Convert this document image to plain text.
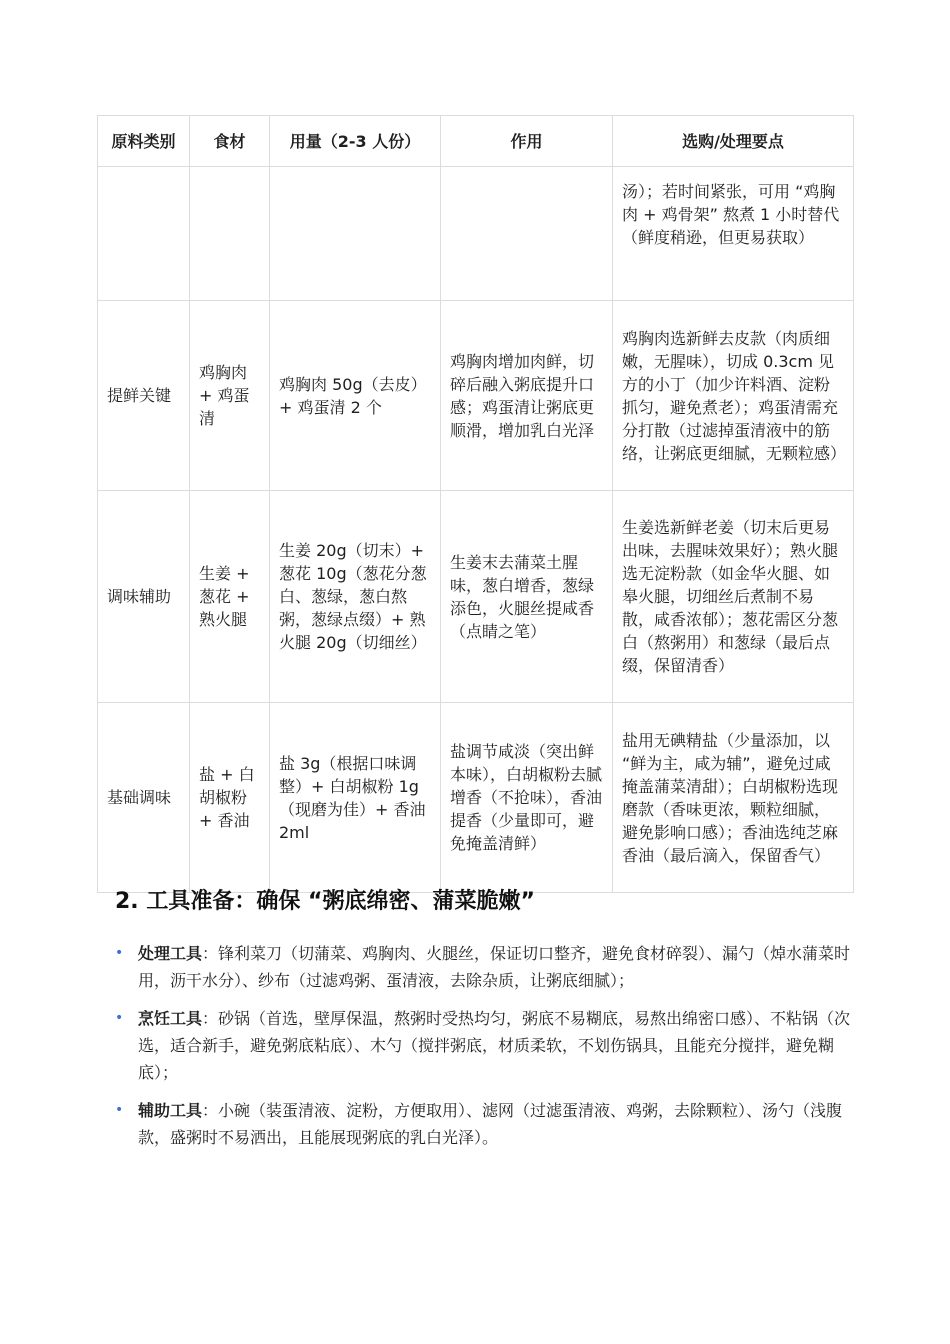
原料类别	食材	用量（2-3 人份）	作用	选购/处理要点
				汤）；若时间紧张，可用 “鸡胸肉 + 鸡骨架” 熬煮 1 小时替代（鲜度稍逊，但更易获取）
提鲜关键	鸡胸肉 + 鸡蛋清	鸡胸肉 50g（去皮）+ 鸡蛋清 2 个	鸡胸肉增加肉鲜，切碎后融入粥底提升口感；鸡蛋清让粥底更顺滑，增加乳白光泽	鸡胸肉选新鲜去皮款（肉质细嫩，无腥味），切成 0.3cm 见方的小丁（加少许料酒、淀粉抓匀，避免煮老）；鸡蛋清需充分打散（过滤掉蛋清液中的筋络，让粥底更细腻，无颗粒感）
调味辅助	生姜 + 葱花 + 熟火腿	生姜 20g（切末）+ 葱花 10g（葱花分葱白、葱绿，葱白熬粥，葱绿点缀）+ 熟火腿 20g（切细丝）	生姜末去蒲菜土腥味，葱白增香，葱绿添色，火腿丝提咸香（点睛之笔）	生姜选新鲜老姜（切末后更易出味，去腥味效果好）；熟火腿选无淀粉款（如金华火腿、如皋火腿，切细丝后煮制不易散，咸香浓郁）；葱花需区分葱白（熬粥用）和葱绿（最后点缀，保留清香）
基础调味	盐 + 白胡椒粉 + 香油	盐 3g（根据口味调整）+ 白胡椒粉 1g（现磨为佳）+ 香油 2ml	盐调节咸淡（突出鲜本味），白胡椒粉去腻增香（不抢味），香油提香（少量即可，避免掩盖清鲜）	盐用无碘精盐（少量添加，以 “鲜为主，咸为辅”，避免过咸掩盖蒲菜清甜）；白胡椒粉选现磨款（香味更浓，颗粒细腻，避免影响口感）；香油选纯芝麻香油（最后滴入，保留香气）
2. 工具准备：确保 “粥底绵密、蒲菜脆嫩”
• 处理工具：锋利菜刀（切蒲菜、鸡胸肉、火腿丝，保证切口整齐，避免食材碎裂）、漏勺（焯水蒲菜时用，沥干水分）、纱布（过滤鸡粥、蛋清液，去除杂质，让粥底细腻）；
• 烹饪工具：砂锅（首选，壁厚保温，熬粥时受热均匀，粥底不易糊底，易熬出绵密口感）、不粘锅（次选，适合新手，避免粥底粘底）、木勺（搅拌粥底，材质柔软，不划伤锅具，且能充分搅拌，避免糊底）；
• 辅助工具：小碗（装蛋清液、淀粉，方便取用）、滤网（过滤蛋清液、鸡粥，去除颗粒）、汤勺（浅腹款，盛粥时不易洒出，且能展现粥底的乳白光泽）。
